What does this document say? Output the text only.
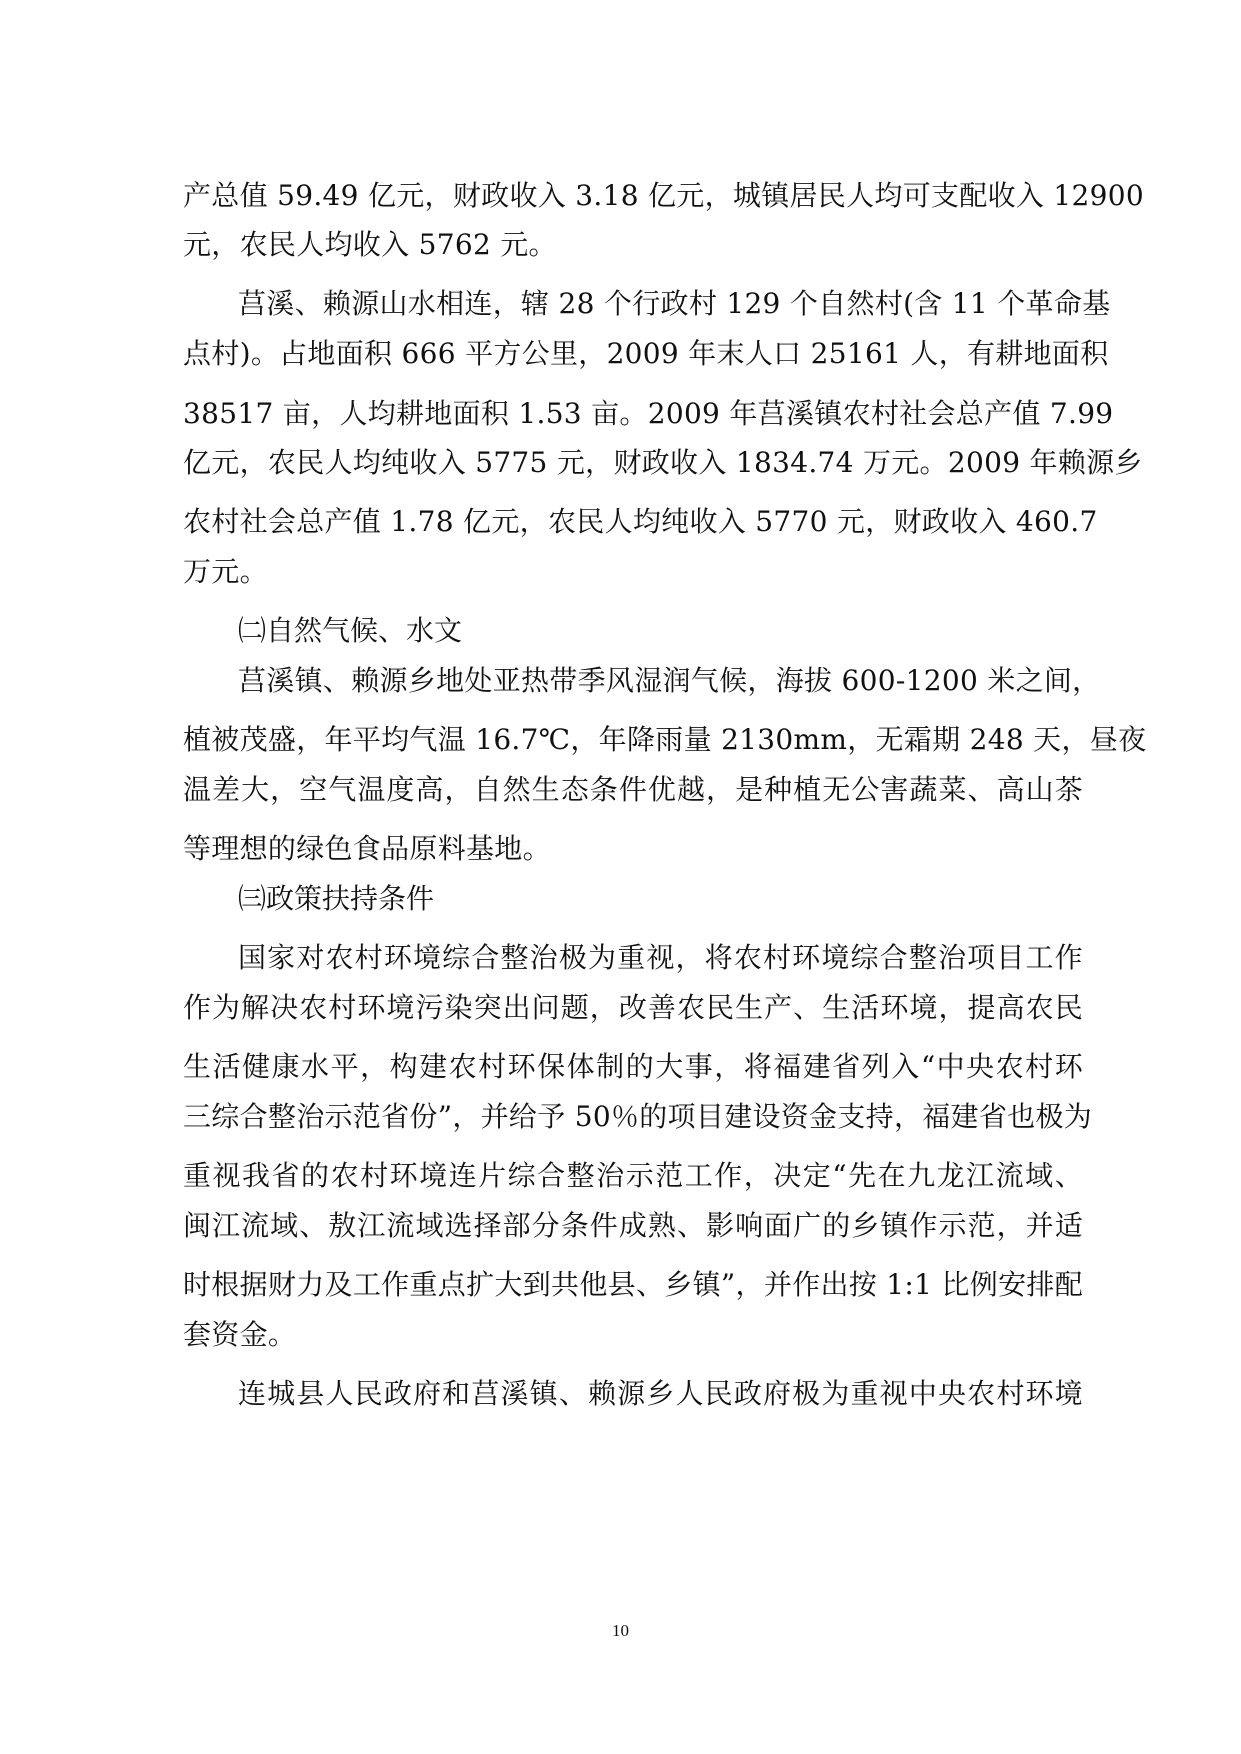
产总值 59.49 亿元，财政收入 3.18 亿元，城镇居民人均可支配收入 12900
元，农民人均收入 5762 元。
莒溪、赖源山水相连，辖 28 个行政村 129 个自然村(含 11 个革命基
点村)。占地面积 666 平方公里，2009 年末人口 25161 人，有耕地面积
38517 亩，人均耕地面积 1.53 亩。2009 年莒溪镇农村社会总产值 7.99
亿元，农民人均纯收入 5775 元，财政收入 1834.74 万元。2009 年赖源乡
农村社会总产值 1.78 亿元，农民人均纯收入 5770 元，财政收入 460.7
万元。
㈡自然气候、水文
莒溪镇、赖源乡地处亚热带季风湿润气候，海拔 600-1200 米之间，
植被茂盛，年平均气温 16.7℃，年降雨量 2130mm，无霜期 248 天，昼夜
温差大，空气温度高，自然生态条件优越，是种植无公害蔬菜、高山茶
等理想的绿色食品原料基地。
㈢政策扶持条件
国家对农村环境综合整治极为重视，将农村环境综合整治项目工作
作为解决农村环境污染突出问题，改善农民生产、生活环境，提高农民
生活健康水平，构建农村环保体制的大事，将福建省列入“中央农村环
三综合整治示范省份”，并给予 50％的项目建设资金支持，福建省也极为
重视我省的农村环境连片综合整治示范工作，决定“先在九龙江流域、
闽江流域、敖江流域选择部分条件成熟、影响面广的乡镇作示范，并适
时根据财力及工作重点扩大到共他县、乡镇”，并作出按 1:1 比例安排配
套资金。
连城县人民政府和莒溪镇、赖源乡人民政府极为重视中央农村环境
10
